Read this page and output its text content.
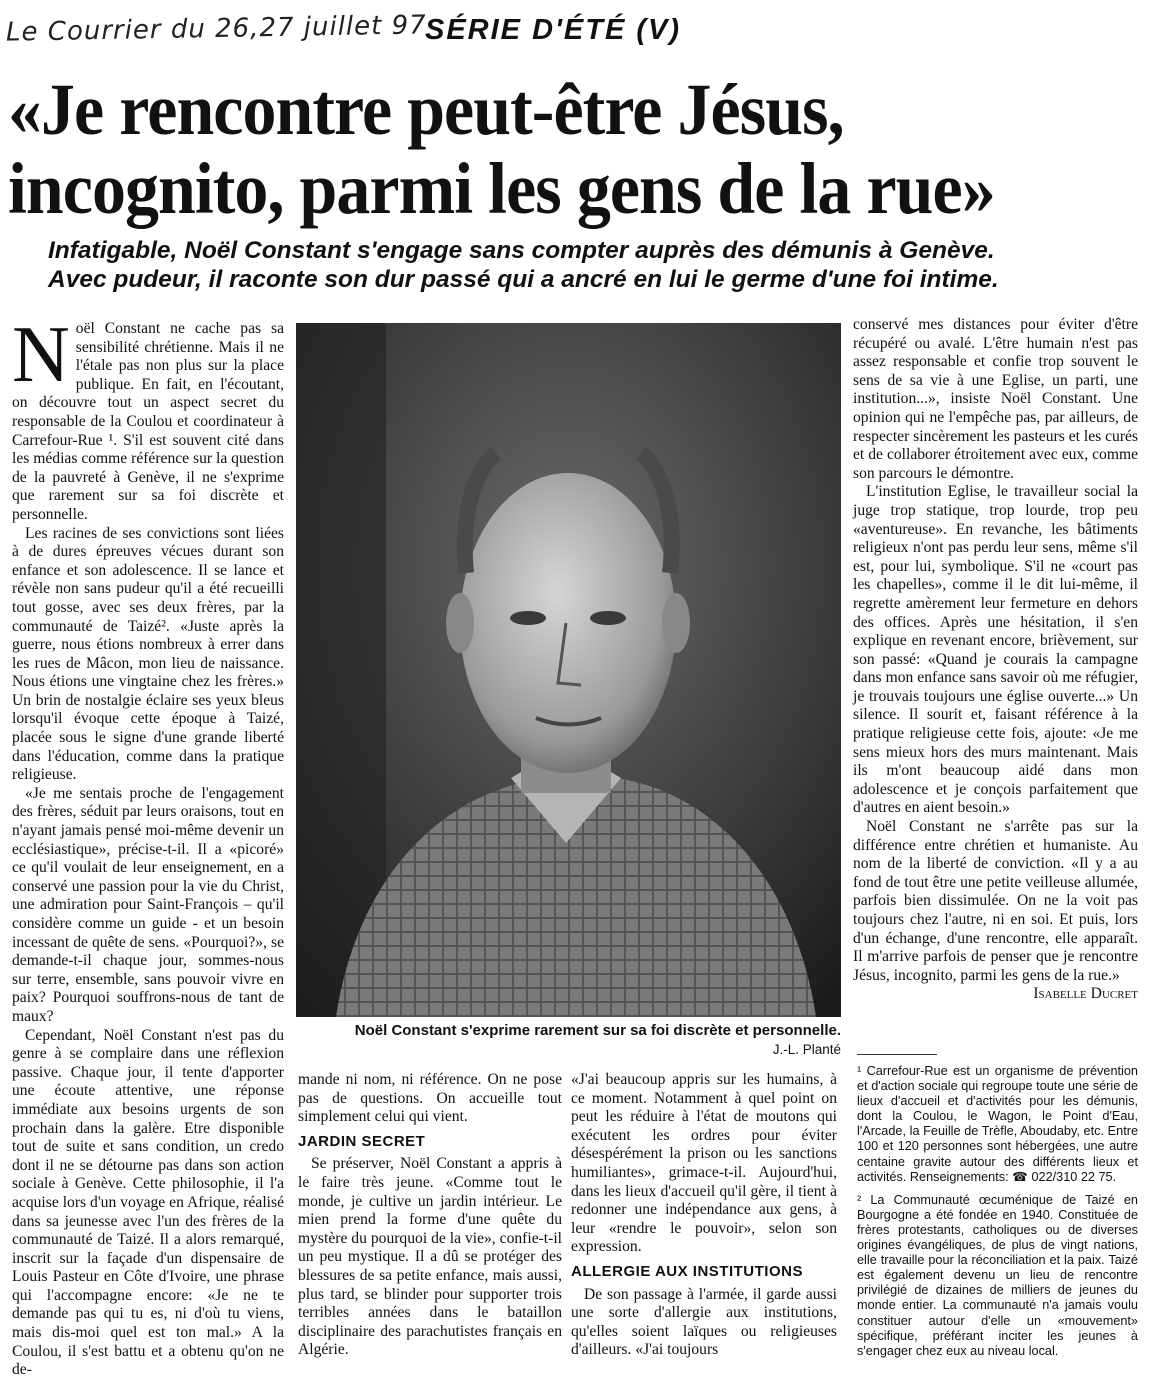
Le Courrier du 26,27 juillet 97
SÉRIE D'ÉTÉ (V)
«Je rencontre peut-être Jésus,
incognito, parmi les gens de la rue»
Infatigable, Noël Constant s'engage sans compter auprès des démunis à Genève.
Avec pudeur, il raconte son dur passé qui a ancré en lui le germe d'une foi intime.

Noël Constant ne cache pas sa sensibilité chrétienne. Mais il ne l'étale pas non plus sur la place publique. En fait, en l'écoutant, on découvre tout un aspect secret du responsable de la Coulou et coordinateur à Carrefour-Rue ¹. S'il est souvent cité dans les médias comme référence sur la question de la pauvreté à Genève, il ne s'exprime que rarement sur sa foi discrète et personnelle.

Les racines de ses convictions sont liées à de dures épreuves vécues durant son enfance et son adolescence. Il se lance et révèle non sans pudeur qu'il a été recueilli tout gosse, avec ses deux frères, par la communauté de Taizé². «Juste après la guerre, nous étions nombreux à errer dans les rues de Mâcon, mon lieu de naissance. Nous étions une vingtaine chez les frères.» Un brin de nostalgie éclaire ses yeux bleus lorsqu'il évoque cette époque à Taizé, placée sous le signe d'une grande liberté dans l'éducation, comme dans la pratique religieuse.

«Je me sentais proche de l'engagement des frères, séduit par leurs oraisons, tout en n'ayant jamais pensé moi-même devenir un ecclésiastique», précise-t-il. Il a «picoré» ce qu'il voulait de leur enseignement, en a conservé une passion pour la vie du Christ, une admiration pour Saint-François – qu'il considère comme un guide - et un besoin incessant de quête de sens. «Pourquoi?», se demande-t-il chaque jour, sommes-nous sur terre, ensemble, sans pouvoir vivre en paix? Pourquoi souffrons-nous de tant de maux?

Cependant, Noël Constant n'est pas du genre à se complaire dans une réflexion passive. Chaque jour, il tente d'apporter une écoute attentive, une réponse immédiate aux besoins urgents de son prochain dans la galère. Etre disponible tout de suite et sans condition, un credo dont il ne se détourne pas dans son action sociale à Genève. Cette philosophie, il l'a acquise lors d'un voyage en Afrique, réalisé dans sa jeunesse avec l'un des frères de la communauté de Taizé. Il a alors remarqué, inscrit sur la façade d'un dispensaire de Louis Pasteur en Côte d'Ivoire, une phrase qui l'accompagne encore: «Je ne te demande pas qui tu es, ni d'où tu viens, mais dis-moi quel est ton mal.» A la Coulou, il s'est battu et a obtenu qu'on ne de-

Noël Constant s'exprime rarement sur sa foi discrète et personnelle.
J.-L. Planté

mande ni nom, ni référence. On ne pose pas de questions. On accueille tout simplement celui qui vient.

JARDIN SECRET

Se préserver, Noël Constant a appris à le faire très jeune. «Comme tout le monde, je cultive un jardin intérieur. Le mien prend la forme d'une quête du mystère du pourquoi de la vie», confie-t-il un peu mystique. Il a dû se protéger des blessures de sa petite enfance, mais aussi, plus tard, se blinder pour supporter trois terribles années dans le bataillon disciplinaire des parachutistes français en Algérie.

«J'ai beaucoup appris sur les humains, à ce moment. Notamment à quel point on peut les réduire à l'état de moutons qui exécutent les ordres pour éviter désespérément la prison ou les sanctions humiliantes», grimace-t-il. Aujourd'hui, dans les lieux d'accueil qu'il gère, il tient à redonner une indépendance aux gens, à leur «rendre le pouvoir», selon son expression.

ALLERGIE AUX INSTITUTIONS

De son passage à l'armée, il garde aussi une sorte d'allergie aux institutions, qu'elles soient laïques ou religieuses d'ailleurs. «J'ai toujours

conservé mes distances pour éviter d'être récupéré ou avalé. L'être humain n'est pas assez responsable et confie trop souvent le sens de sa vie à une Eglise, un parti, une institution...», insiste Noël Constant. Une opinion qui ne l'empêche pas, par ailleurs, de respecter sincèrement les pasteurs et les curés et de collaborer étroitement avec eux, comme son parcours le démontre.

L'institution Eglise, le travailleur social la juge trop statique, trop lourde, trop peu «aventureuse». En revanche, les bâtiments religieux n'ont pas perdu leur sens, même s'il est, pour lui, symbolique. S'il ne «court pas les chapelles», comme il le dit lui-même, il regrette amèrement leur fermeture en dehors des offices. Après une hésitation, il s'en explique en revenant encore, brièvement, sur son passé: «Quand je courais la campagne dans mon enfance sans savoir où me réfugier, je trouvais toujours une église ouverte...» Un silence. Il sourit et, faisant référence à la pratique religieuse cette fois, ajoute: «Je me sens mieux hors des murs maintenant. Mais ils m'ont beaucoup aidé dans mon adolescence et je conçois parfaitement que d'autres en aient besoin.»

Noël Constant ne s'arrête pas sur la différence entre chrétien et humaniste. Au nom de la liberté de conviction. «Il y a au fond de tout être une petite veilleuse allumée, parfois bien dissimulée. On ne la voit pas toujours chez l'autre, ni en soi. Et puis, lors d'un échange, d'une rencontre, elle apparaît. Il m'arrive parfois de penser que je rencontre Jésus, incognito, parmi les gens de la rue.»

Isabelle Ducret

¹ Carrefour-Rue est un organisme de prévention et d'action sociale qui regroupe toute une série de lieux d'accueil et d'activités pour les démunis, dont la Coulou, le Wagon, le Point d'Eau, l'Arcade, la Feuille de Trèfle, Aboudaby, etc. Entre 100 et 120 personnes sont hébergées, une autre centaine gravite autour des différents lieux et activités. Renseignements: ☎ 022/310 22 75.

² La Communauté œcuménique de Taizé en Bourgogne a été fondée en 1940. Constituée de frères protestants, catholiques ou de diverses origines évangéliques, de plus de vingt nations, elle travaille pour la réconciliation et la paix. Taizé est également devenu un lieu de rencontre privilégié de dizaines de milliers de jeunes du monde entier. La communauté n'a jamais voulu constituer autour d'elle un «mouvement» spécifique, préférant inciter les jeunes à s'engager chez eux au niveau local.
